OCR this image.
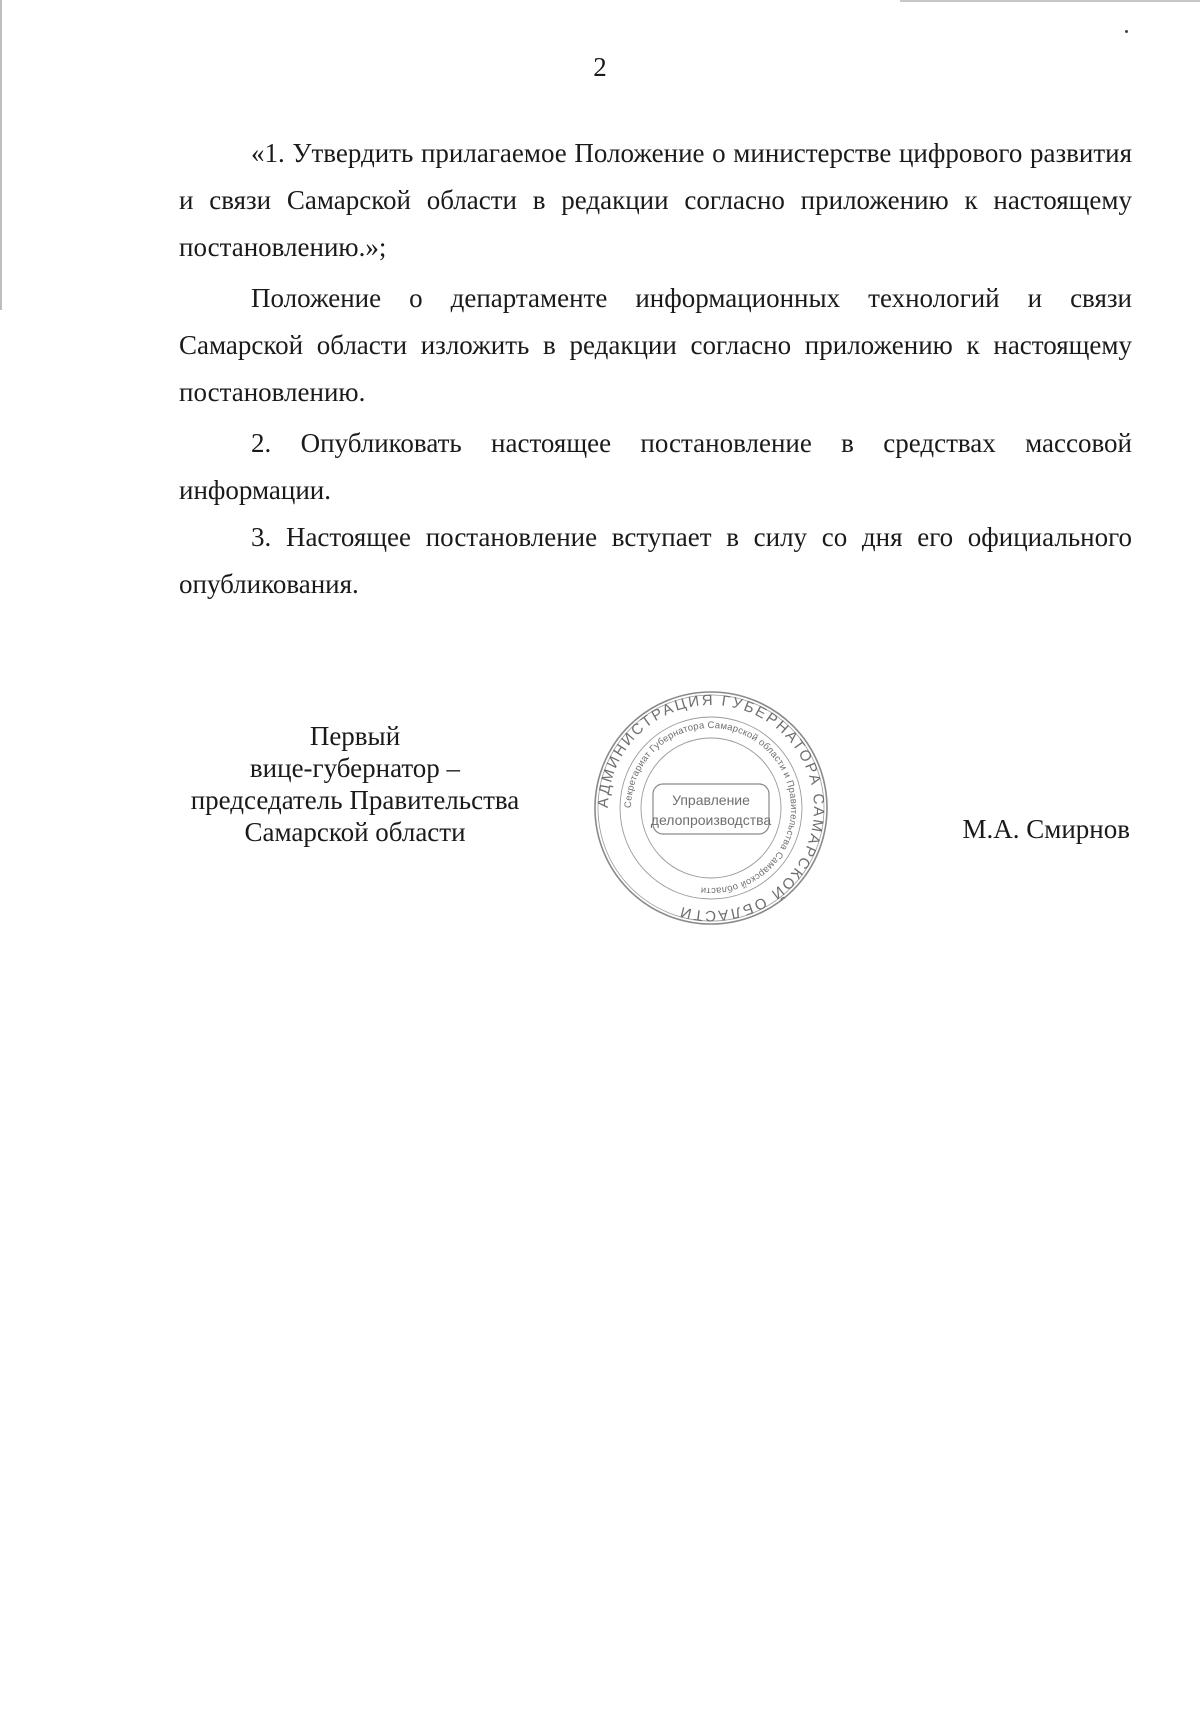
2

«1. Утвердить прилагаемое Положение о министерстве цифрового развития и связи Самарской области в редакции согласно приложению к настоящему постановлению.»;

Положение о департаменте информационных технологий и связи Самарской области изложить в редакции согласно приложению к настоящему постановлению.

2. Опубликовать настоящее постановление в средствах массовой информации.

3. Настоящее постановление вступает в силу со дня его официального опубликования.

Первый
вице-губернатор –
председатель Правительства
Самарской области
АДМИНИСТРАЦИЯ ГУБЕРНАТОРА САМАРСКОЙ ОБЛАСТИ
Секретариат Губернатора Самарской области и Правительства Самарской области
Управление
делопроизводства	М.А. Смирнов
